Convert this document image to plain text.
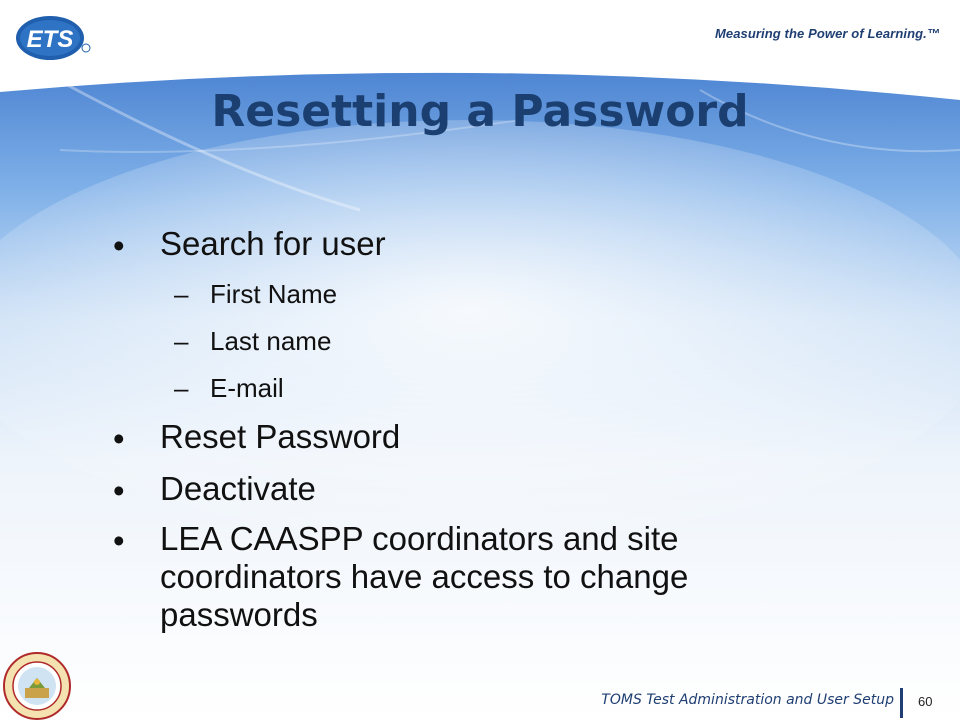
ETS	Measuring the Power of Learning.™
Resetting a Password
• Search for user
– First Name
– Last name
– E-mail
• Reset Password
• Deactivate
• LEA CAASPP coordinators and site coordinators have access to change passwords
TOMS Test Administration and User Setup 60
